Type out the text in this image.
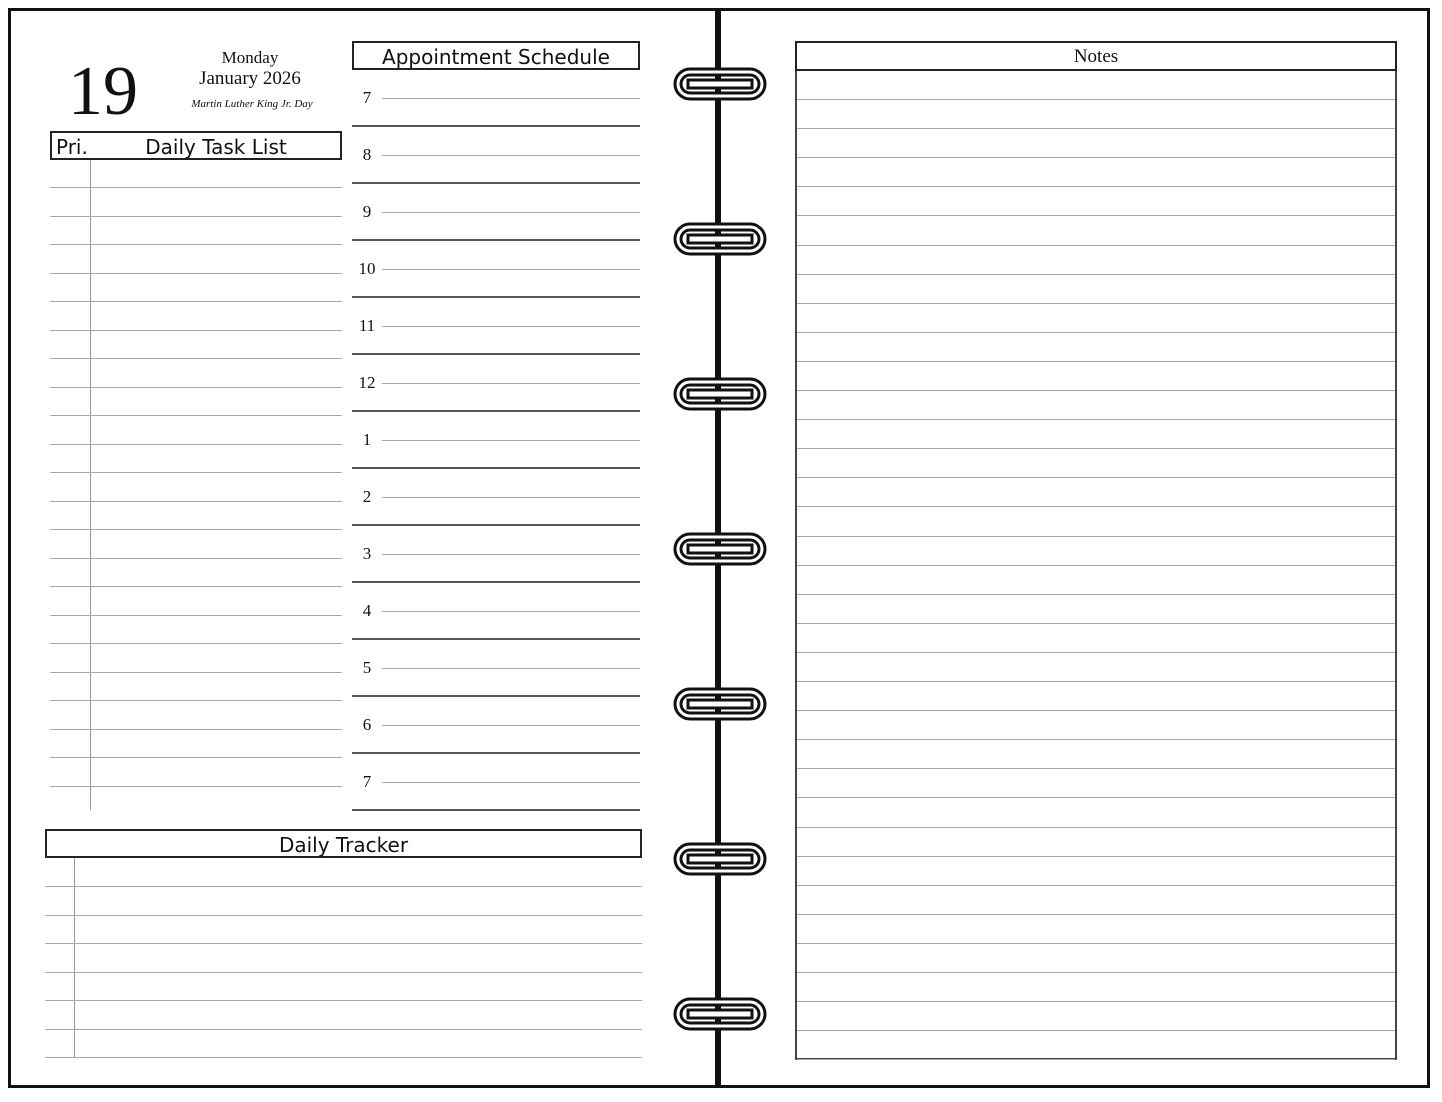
19	Monday
January 2026
Martin Luther King Jr. Day
Pri.	Daily Task List
Appointment Schedule
7
8
9
10
11
12
1
2
3
4
5
6
7
Daily Tracker
Notes
